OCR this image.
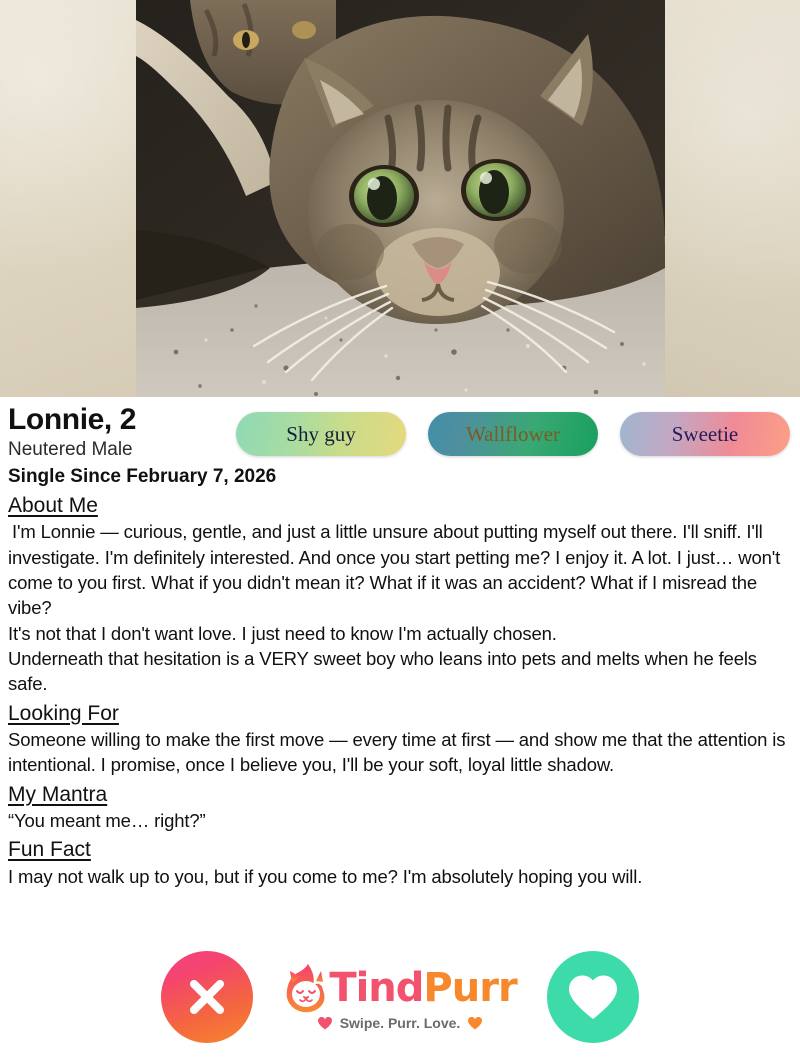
Lonnie, 2
Neutered Male
Shy guy	Wallflower	Sweetie
Single Since February 7, 2026
About Me

I'm Lonnie — curious, gentle, and just a little unsure about putting myself out there. I'll sniff. I'll investigate. I'm definitely interested. And once you start petting me? I enjoy it. A lot. I just… won't come to you first. What if you didn't mean it? What if it was an accident? What if I misread the vibe?

It's not that I don't want love. I just need to know I'm actually chosen.

Underneath that hesitation is a VERY sweet boy who leans into pets and melts when he feels safe.

Looking For

Someone willing to make the first move — every time at first — and show me that the attention is intentional. I promise, once I believe you, I'll be your soft, loyal little shadow.

My Mantra

“You meant me… right?”

Fun Fact

I may not walk up to you, but if you come to me? I'm absolutely hoping you will.

Tind Purr
Swipe. Purr. Love.
